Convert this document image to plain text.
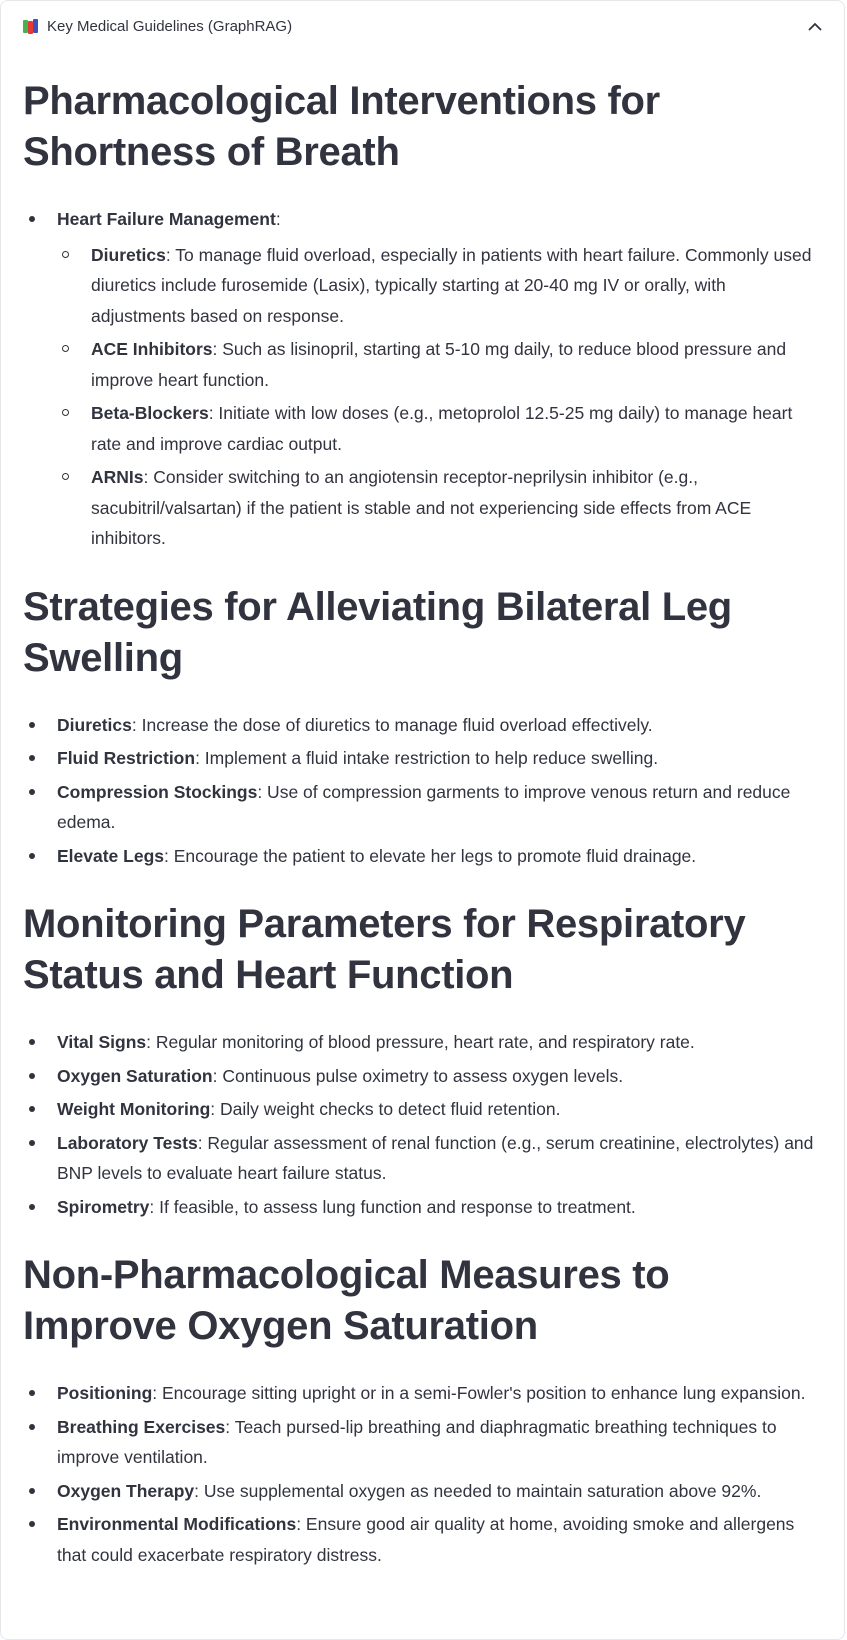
Key Medical Guidelines (GraphRAG)
Pharmacological Interventions for Shortness of Breath
Heart Failure Management:
Diuretics: To manage fluid overload, especially in patients with heart failure. Commonly used diuretics include furosemide (Lasix), typically starting at 20-40 mg IV or orally, with adjustments based on response.
ACE Inhibitors: Such as lisinopril, starting at 5-10 mg daily, to reduce blood pressure and improve heart function.
Beta-Blockers: Initiate with low doses (e.g., metoprolol 12.5-25 mg daily) to manage heart rate and improve cardiac output.
ARNIs: Consider switching to an angiotensin receptor-neprilysin inhibitor (e.g., sacubitril/valsartan) if the patient is stable and not experiencing side effects from ACE inhibitors.
Strategies for Alleviating Bilateral Leg Swelling
Diuretics: Increase the dose of diuretics to manage fluid overload effectively.
Fluid Restriction: Implement a fluid intake restriction to help reduce swelling.
Compression Stockings: Use of compression garments to improve venous return and reduce edema.
Elevate Legs: Encourage the patient to elevate her legs to promote fluid drainage.
Monitoring Parameters for Respiratory Status and Heart Function
Vital Signs: Regular monitoring of blood pressure, heart rate, and respiratory rate.
Oxygen Saturation: Continuous pulse oximetry to assess oxygen levels.
Weight Monitoring: Daily weight checks to detect fluid retention.
Laboratory Tests: Regular assessment of renal function (e.g., serum creatinine, electrolytes) and BNP levels to evaluate heart failure status.
Spirometry: If feasible, to assess lung function and response to treatment.
Non-Pharmacological Measures to Improve Oxygen Saturation
Positioning: Encourage sitting upright or in a semi-Fowler's position to enhance lung expansion.
Breathing Exercises: Teach pursed-lip breathing and diaphragmatic breathing techniques to improve ventilation.
Oxygen Therapy: Use supplemental oxygen as needed to maintain saturation above 92%.
Environmental Modifications: Ensure good air quality at home, avoiding smoke and allergens that could exacerbate respiratory distress.
